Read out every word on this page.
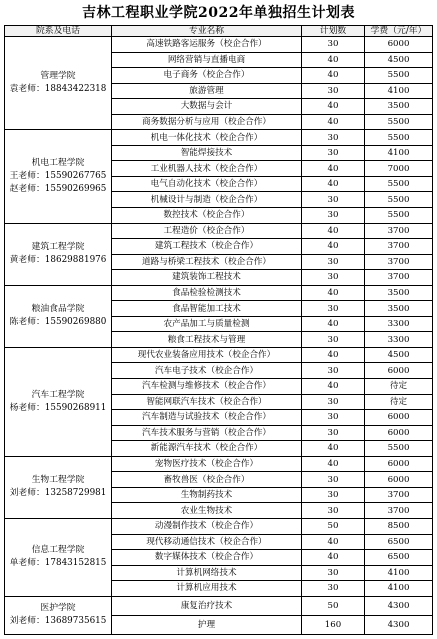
吉林工程职业学院2022年单独招生计划表
院系及电话	专业名称	计划数	学费（元/年）

管理学院
袁老师：18843422318	高速铁路客运服务（校企合作）	30	6000
	网络营销与直播电商	40	4500
	电子商务（校企合作）	40	5500
	旅游管理	30	4100
	大数据与会计	40	3500
	商务数据分析与应用（校企合作）	40	5500

机电工程学院
王老师：15590267765
赵老师：15590269965	机电一体化技术（校企合作）	30	5500
	智能焊接技术	30	4100
	工业机器人技术（校企合作）	40	7000
	电气自动化技术（校企合作）	40	5500
	机械设计与制造（校企合作）	30	5500
	数控技术（校企合作）	30	5500

建筑工程学院
黄老师：18629881976	工程造价（校企合作）	40	3700
	建筑工程技术（校企合作）	40	3700
	道路与桥梁工程技术（校企合作）	30	3700
	建筑装饰工程技术	30	3700

粮油食品学院
陈老师：15590269880	食品检验检测技术	40	3500
	食品智能加工技术	30	3500
	农产品加工与质量检测	40	3300
	粮食工程技术与管理	30	3300

汽车工程学院
杨老师：15590268911	现代农业装备应用技术（校企合作）	40	4500
	汽车电子技术（校企合作）	30	6000
	汽车检测与维修技术（校企合作）	40	待定
	智能网联汽车技术（校企合作）	30	待定
	汽车制造与试验技术（校企合作）	30	6000
	汽车技术服务与营销（校企合作）	30	6000
	新能源汽车技术（校企合作）	40	5500

生物工程学院
刘老师：13258729981	宠物医疗技术（校企合作）	40	6000
	畜牧兽医（校企合作）	30	6000
	生物制药技术	30	3700
	农业生物技术	30	3700

信息工程学院
单老师：17843152815	动漫制作技术（校企合作）	50	8500
	现代移动通信技术（校企合作）	40	6500
	数字媒体技术（校企合作）	40	6500
	计算机网络技术	30	4100
	计算机应用技术	30	4100

医护学院
刘老师：13689735615	康复治疗技术	50	4300
	护理	160	4300
